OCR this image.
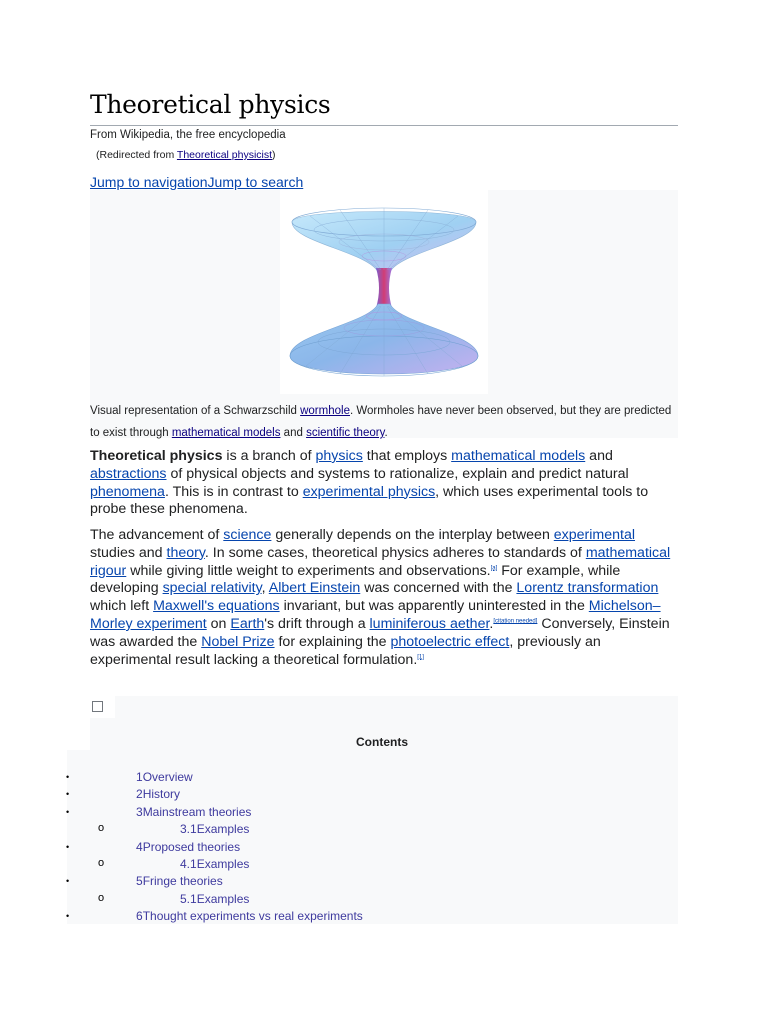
Theoretical physics
From Wikipedia, the free encyclopedia
(Redirected from Theoretical physicist)
Jump to navigationJump to search
Visual representation of a Schwarzschild wormhole. Wormholes have never been observed, but they are predicted to exist through mathematical models and scientific theory.
Theoretical physics is a branch of physics that employs mathematical models and abstractions of physical objects and systems to rationalize, explain and predict natural phenomena. This is in contrast to experimental physics, which uses experimental tools to probe these phenomena.
The advancement of science generally depends on the interplay between experimental studies and theory. In some cases, theoretical physics adheres to standards of mathematical rigour while giving little weight to experiments and observations.[a] For example, while developing special relativity, Albert Einstein was concerned with the Lorentz transformation which left Maxwell's equations invariant, but was apparently uninterested in the Michelson–Morley experiment on Earth's drift through a luminiferous aether.[citation needed] Conversely, Einstein was awarded the Nobel Prize for explaining the photoelectric effect, previously an experimental result lacking a theoretical formulation.[1]
Contents
•	1Overview
•	2History
•	3Mainstream theories
o	3.1Examples
•	4Proposed theories
o	4.1Examples
•	5Fringe theories
o	5.1Examples
•	6Thought experiments vs real experiments
